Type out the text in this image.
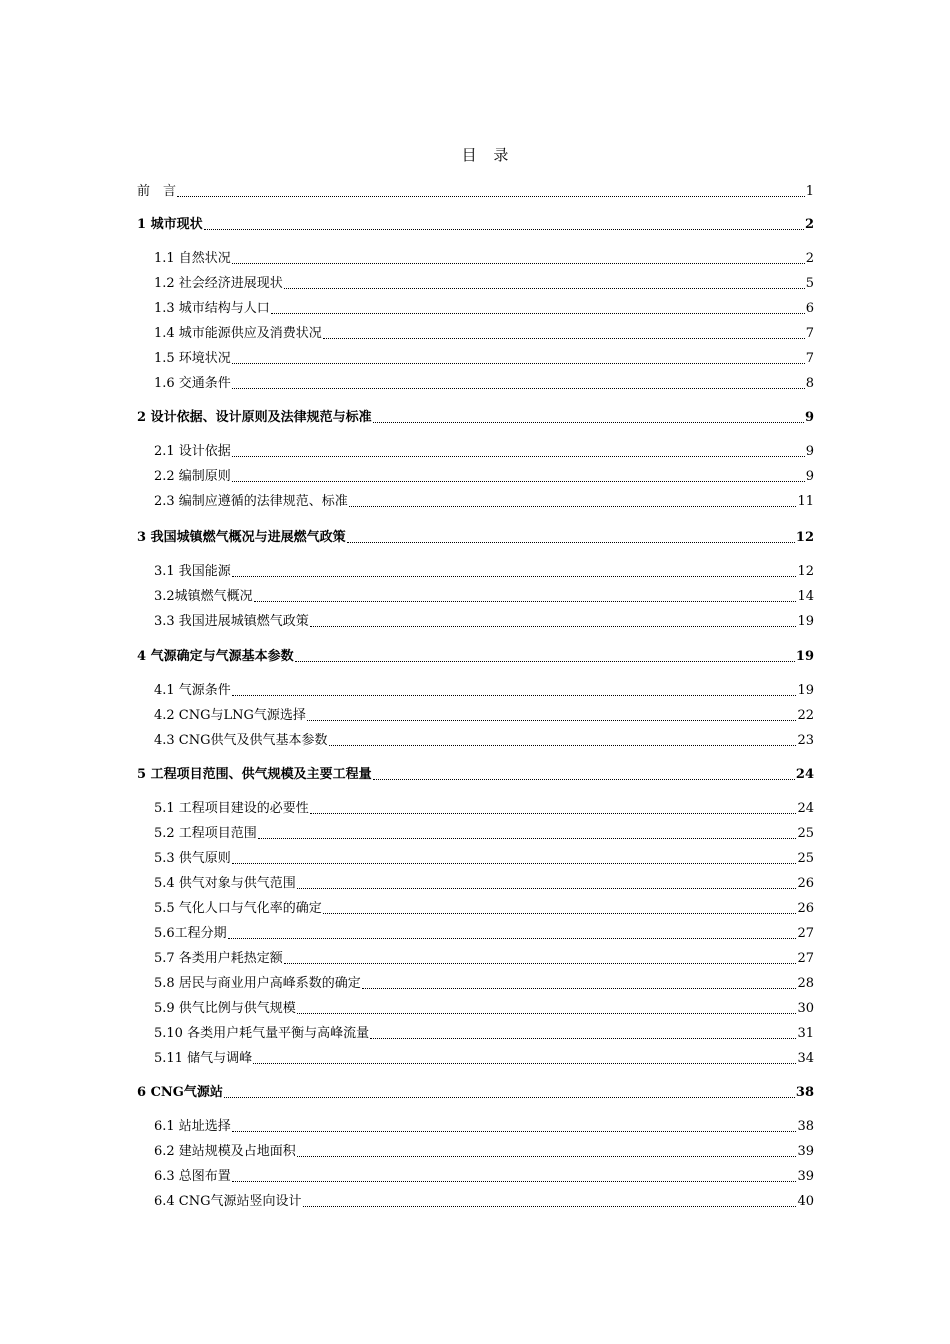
目 录
前　言	1
1 城市现状	2
1.1 自然状况	2
1.2 社会经济进展现状	5
1.3 城市结构与人口	6
1.4 城市能源供应及消费状况	7
1.5 环境状况	7
1.6 交通条件	8
2 设计依据、设计原则及法律规范与标准	9
2.1 设计依据	9
2.2 编制原则	9
2.3 编制应遵循的法律规范、标准	11
3 我国城镇燃气概况与进展燃气政策	12
3.1 我国能源	12
3.2城镇燃气概况	14
3.3 我国进展城镇燃气政策	19
4 气源确定与气源基本参数	19
4.1 气源条件	19
4.2 CNG与LNG气源选择	22
4.3 CNG供气及供气基本参数	23
5 工程项目范围、供气规模及主要工程量	24
5.1 工程项目建设的必要性	24
5.2 工程项目范围	25
5.3 供气原则	25
5.4 供气对象与供气范围	26
5.5 气化人口与气化率的确定	26
5.6工程分期	27
5.7 各类用户耗热定额	27
5.8 居民与商业用户高峰系数的确定	28
5.9 供气比例与供气规模	30
5.10 各类用户耗气量平衡与高峰流量	31
5.11 储气与调峰	34
6 CNG气源站	38
6.1 站址选择	38
6.2 建站规模及占地面积	39
6.3 总图布置	39
6.4 CNG气源站竖向设计	40
